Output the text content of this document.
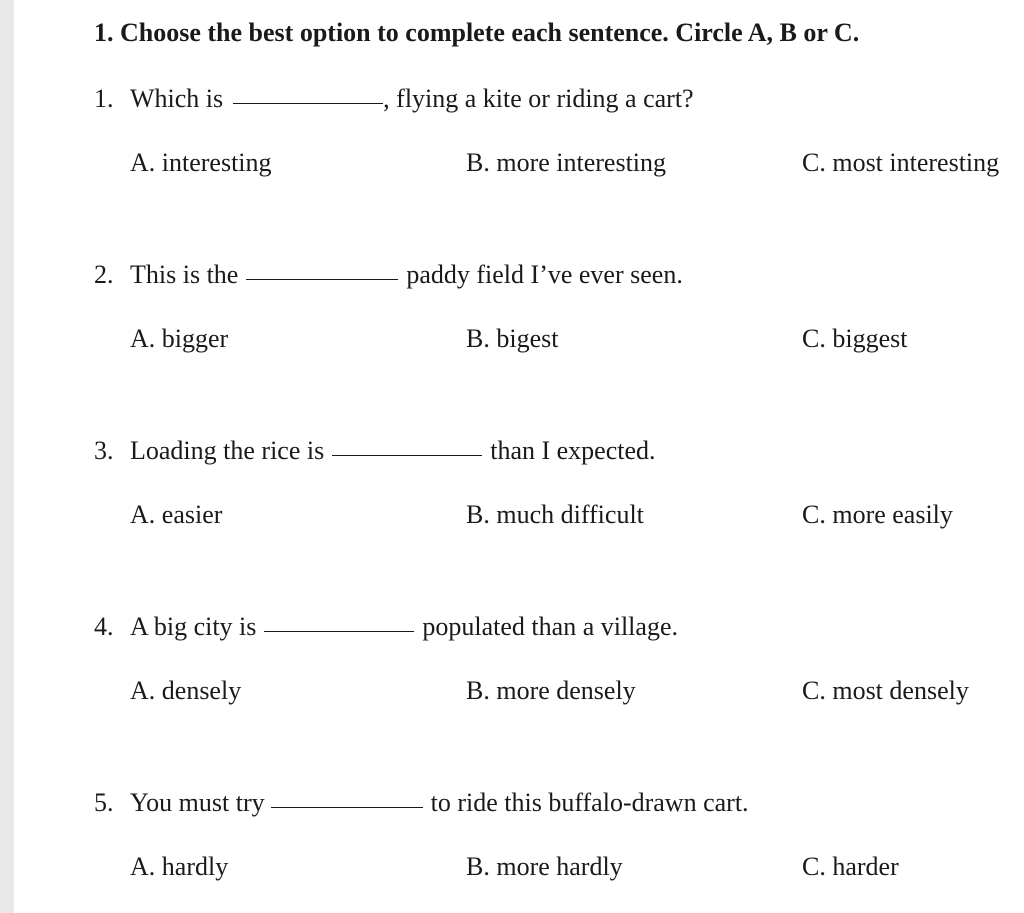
1. Choose the best option to complete each sentence. Circle A, B or C.
1. Which is	, flying a kite or riding a cart?
A. interesting	B. more interesting	C. most interesting
2. This is the	paddy field I’ve ever seen.
A. bigger	B. bigest	C. biggest
3. Loading the rice is	than I expected.
A. easier	B. much difficult	C. more easily
4. A big city is	populated than a village.
A. densely	B. more densely	C. most densely
5. You must try	to ride this buffalo-drawn cart.
A. hardly	B. more hardly	C. harder
